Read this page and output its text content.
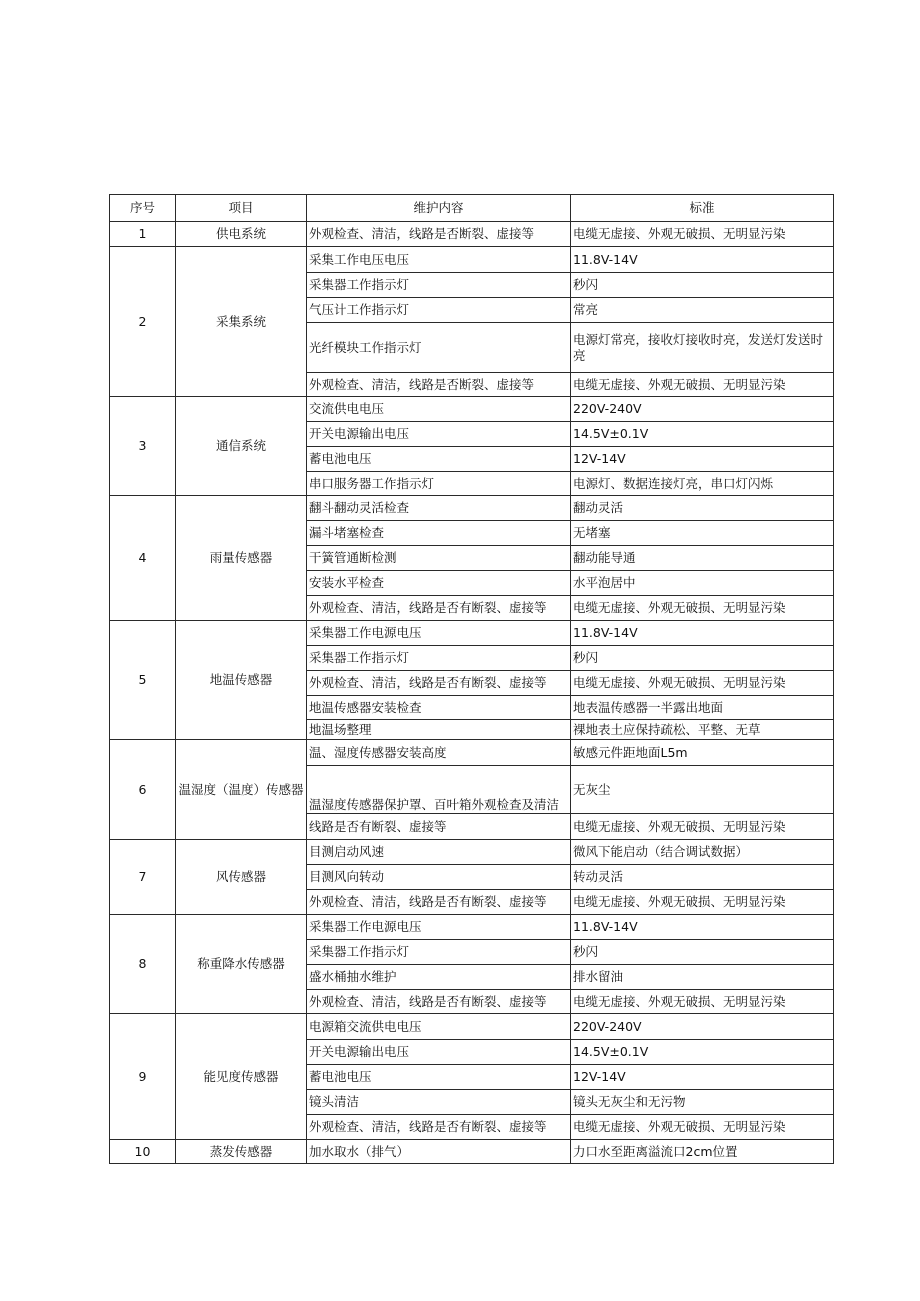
序号	项目	维护内容	标准
1	供电系统	外观检查、清洁，线路是否断裂、虚接等	电缆无虚接、外观无破损、无明显污染
2	采集系统	采集工作电压电压	11.8V-14V
		采集器工作指示灯	秒闪
		气压计工作指示灯	常亮
		光纤模块工作指示灯	电源灯常亮，接收灯接收时亮，发送灯发送时亮
		外观检查、清洁，线路是否断裂、虚接等	电缆无虚接、外观无破损、无明显污染
3	通信系统	交流供电电压	220V-240V
		开关电源输出电压	14.5V±0.1V
		蓄电池电压	12V-14V
		串口服务器工作指示灯	电源灯、数据连接灯亮，串口灯闪烁
4	雨量传感器	翻斗翻动灵活检查	翻动灵活
		漏斗堵塞检查	无堵塞
		干簧管通断检测	翻动能导通
		安装水平检查	水平泡居中
		外观检查、清洁，线路是否有断裂、虚接等	电缆无虚接、外观无破损、无明显污染
5	地温传感器	采集器工作电源电压	11.8V-14V
		采集器工作指示灯	秒闪
		外观检查、清洁，线路是否有断裂、虚接等	电缆无虚接、外观无破损、无明显污染
		地温传感器安装检查	地表温传感器一半露出地面
		地温场整理	裸地表土应保持疏松、平整、无草
6	温湿度（温度）传感器	温、湿度传感器安装高度	敏感元件距地面L5m
		温湿度传感器保护罩、百叶箱外观检查及清洁	无灰尘
		线路是否有断裂、虚接等	电缆无虚接、外观无破损、无明显污染
7	风传感器	目测启动风速	微风下能启动（结合调试数据）
		目测风向转动	转动灵活
		外观检查、清洁，线路是否有断裂、虚接等	电缆无虚接、外观无破损、无明显污染
8	称重降水传感器	采集器工作电源电压	11.8V-14V
		采集器工作指示灯	秒闪
		盛水桶抽水维护	排水留油
		外观检查、清洁，线路是否有断裂、虚接等	电缆无虚接、外观无破损、无明显污染
9	能见度传感器	电源箱交流供电电压	220V-240V
		开关电源输出电压	14.5V±0.1V
		蓄电池电压	12V-14V
		镜头清洁	镜头无灰尘和无污物
		外观检查、清洁，线路是否有断裂、虚接等	电缆无虚接、外观无破损、无明显污染
10	蒸发传感器	加水取水（排气）	力口水至距离溢流口2cm位置
